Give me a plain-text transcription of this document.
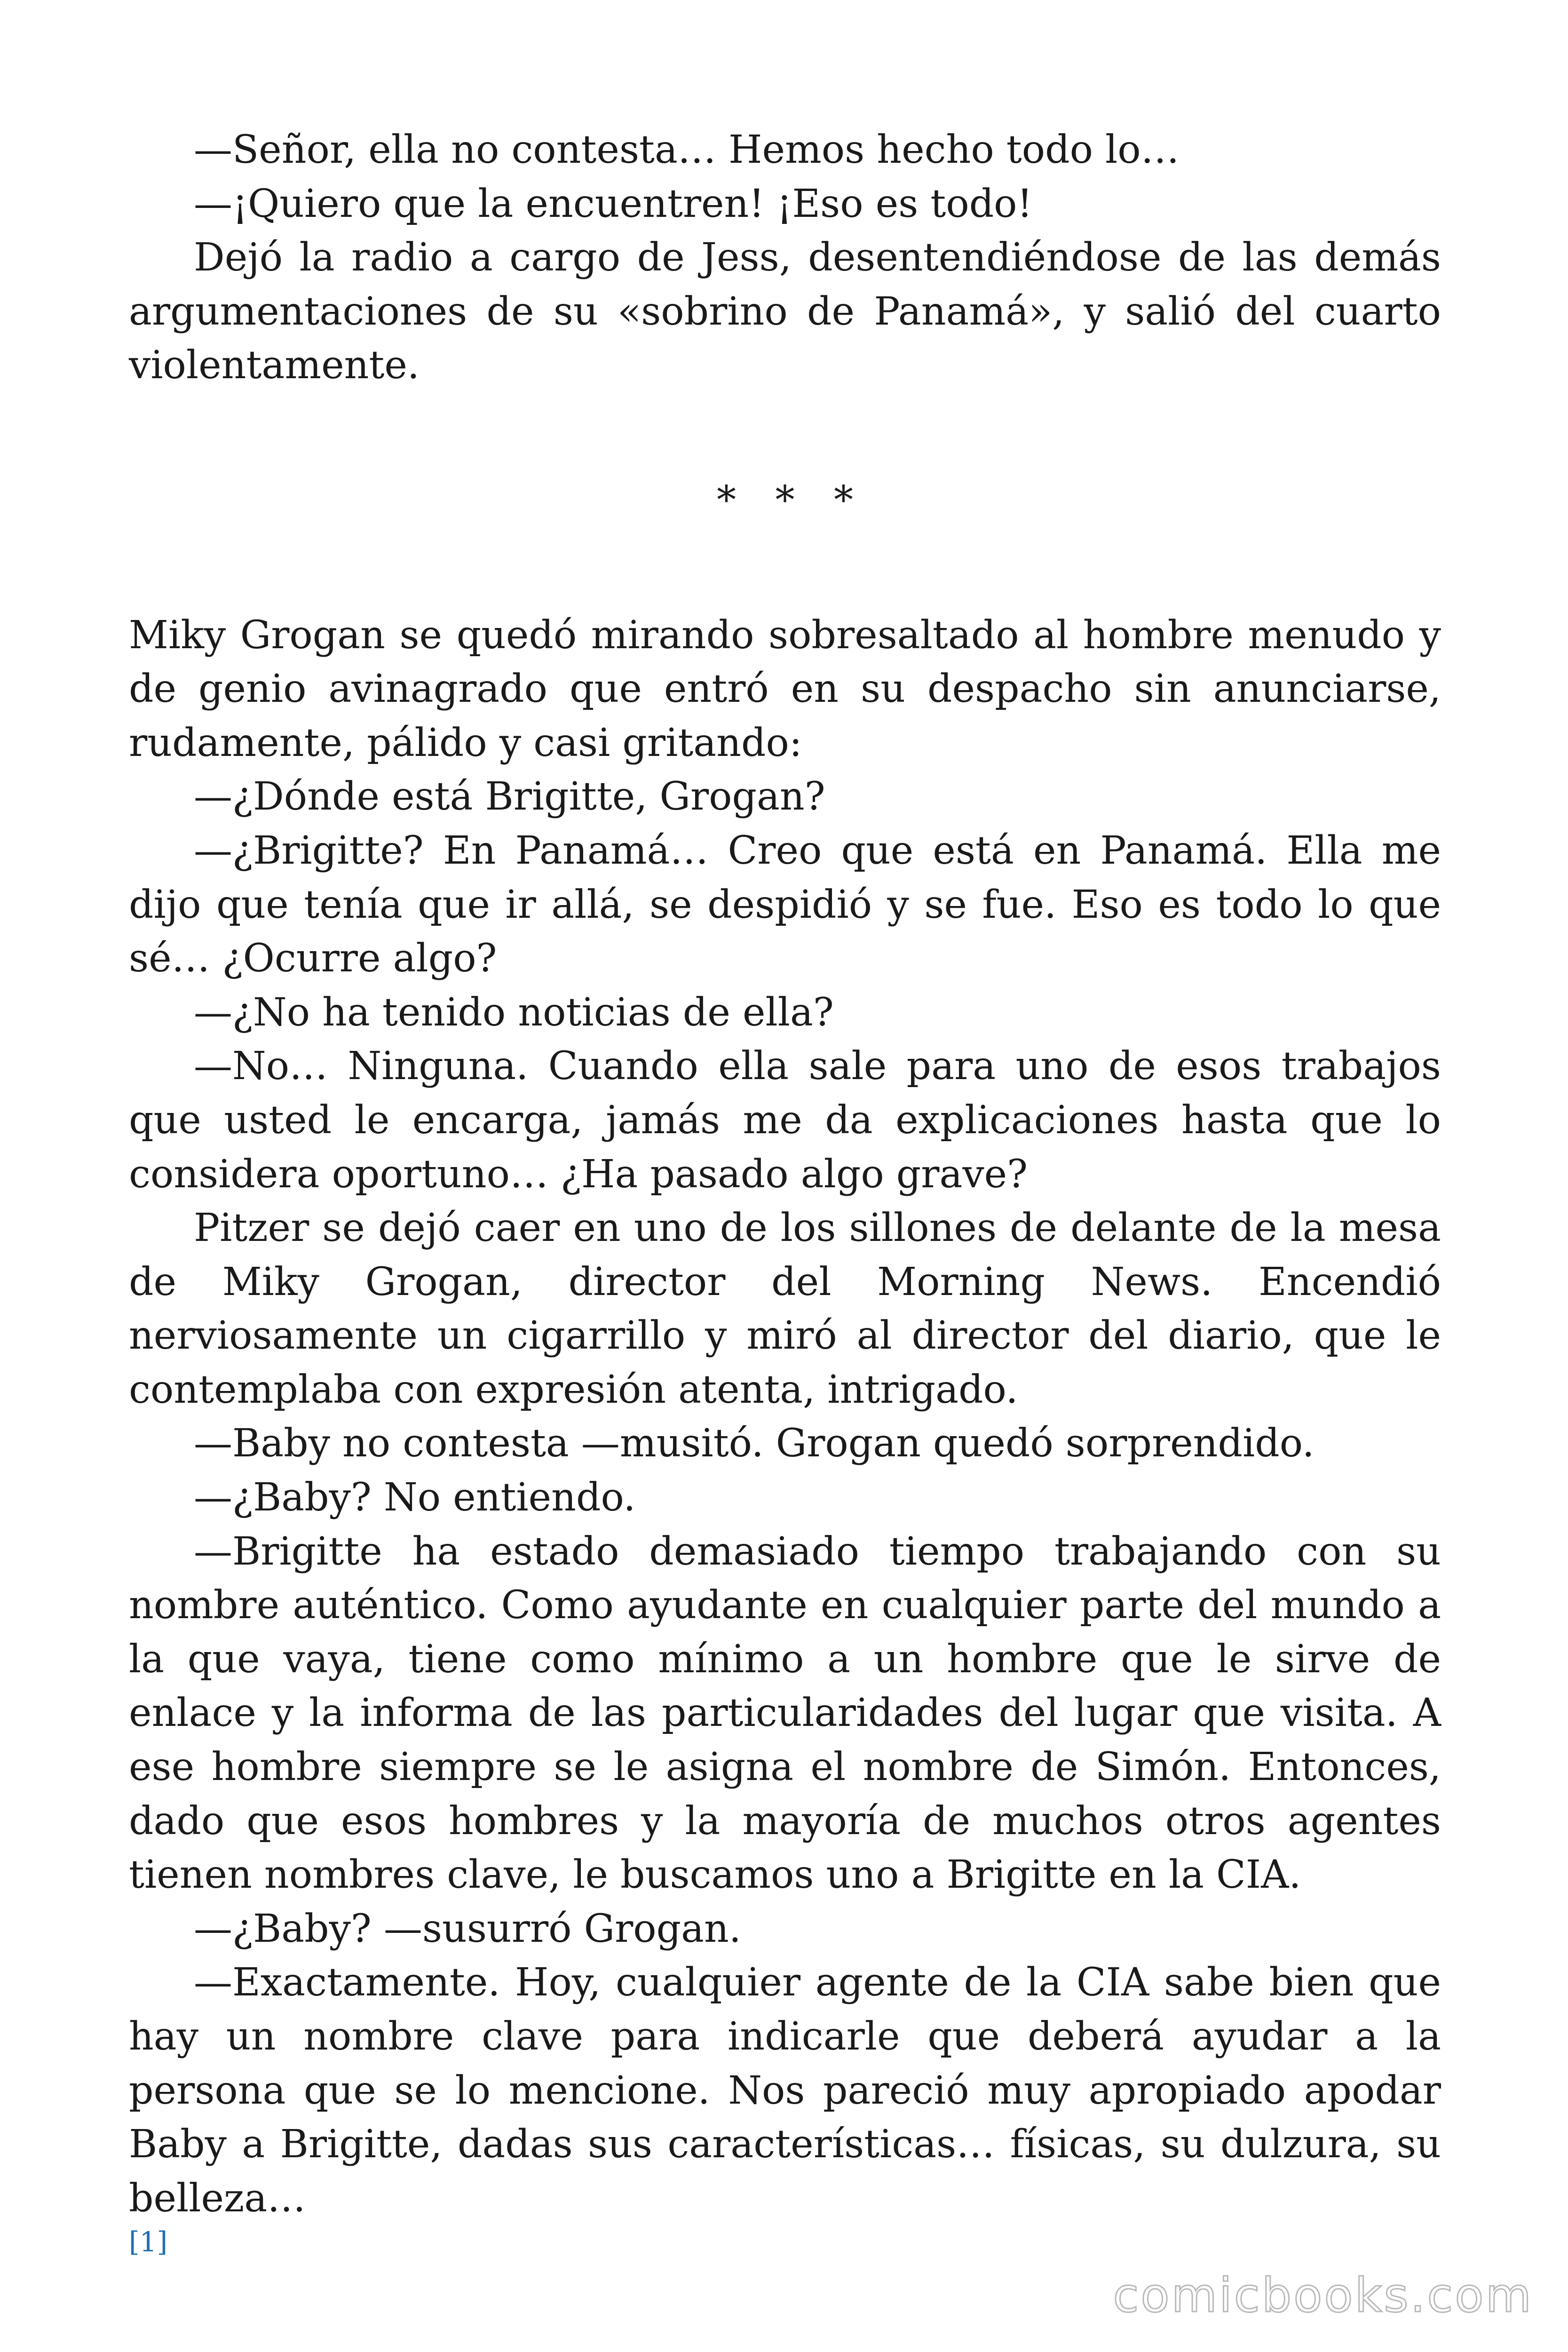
—Señor, ella no contesta… Hemos hecho todo lo…

—¡Quiero que la encuentren! ¡Eso es todo!

Dejó la radio a cargo de Jess, desentendiéndose de las demás argumentaciones de su «sobrino de Panamá», y salió del cuarto violentamente.

* * *

Miky Grogan se quedó mirando sobresaltado al hombre menudo y de genio avinagrado que entró en su despacho sin anunciarse, rudamente, pálido y casi gritando:

—¿Dónde está Brigitte, Grogan?

—¿Brigitte? En Panamá… Creo que está en Panamá. Ella me dijo que tenía que ir allá, se despidió y se fue. Eso es todo lo que sé… ¿Ocurre algo?

—¿No ha tenido noticias de ella?

—No… Ninguna. Cuando ella sale para uno de esos trabajos que usted le encarga, jamás me da explicaciones hasta que lo considera oportuno… ¿Ha pasado algo grave?

Pitzer se dejó caer en uno de los sillones de delante de la mesa de Miky Grogan, director del Morning News. Encendió nerviosamente un cigarrillo y miró al director del diario, que le contemplaba con expresión atenta, intrigado.

—Baby no contesta —musitó. Grogan quedó sorprendido.

—¿Baby? No entiendo.

—Brigitte ha estado demasiado tiempo trabajando con su nombre auténtico. Como ayudante en cualquier parte del mundo a la que vaya, tiene como mínimo a un hombre que le sirve de enlace y la informa de las particularidades del lugar que visita. A ese hombre siempre se le asigna el nombre de Simón. Entonces, dado que esos hombres y la mayoría de muchos otros agentes tienen nombres clave, le buscamos uno a Brigitte en la CIA.

—¿Baby? —susurró Grogan.

—Exactamente. Hoy, cualquier agente de la CIA sabe bien que hay un nombre clave para indicarle que deberá ayudar a la persona que se lo mencione. Nos pareció muy apropiado apodar Baby a Brigitte, dadas sus características… físicas, su dulzura, su belleza…

[1]
comicbooks.com
